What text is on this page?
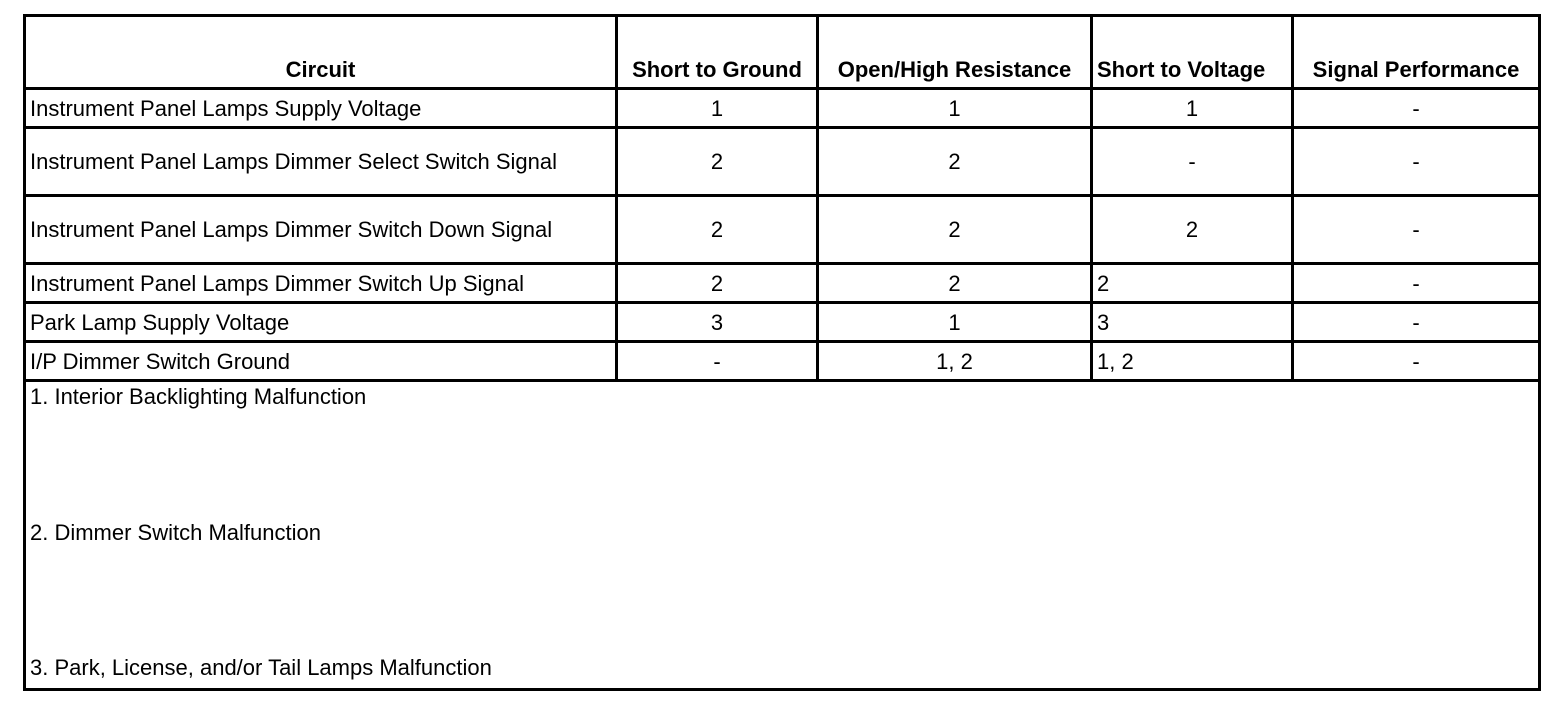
Circuit	Short to Ground	Open/High Resistance	Short to Voltage	Signal Performance
Instrument Panel Lamps Supply Voltage	1	1	1	-
Instrument Panel Lamps Dimmer Select Switch Signal	2	2	-	-
Instrument Panel Lamps Dimmer Switch Down Signal	2	2	2	-
Instrument Panel Lamps Dimmer Switch Up Signal	2	2	2	-
Park Lamp Supply Voltage	3	1	3	-
I/P Dimmer Switch Ground	-	1, 2	1, 2	-

1. Interior Backlighting Malfunction
2. Dimmer Switch Malfunction
3. Park, License, and/or Tail Lamps Malfunction				
